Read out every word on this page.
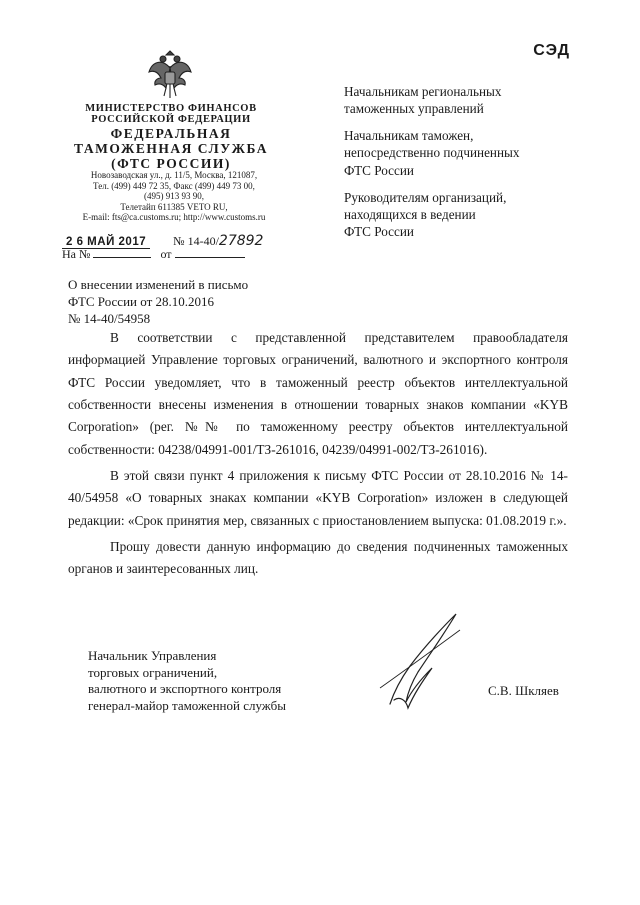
СЭД
МИНИСТЕРСТВО ФИНАНСОВ
РОССИЙСКОЙ ФЕДЕРАЦИИ
ФЕДЕРАЛЬНАЯ
ТАМОЖЕННАЯ СЛУЖБА
(ФТС РОССИИ)
Новозаводская ул., д. 11/5, Москва, 121087,
Тел. (499) 449 72 35, Факс (499) 449 73 00,
(495) 913 93 90,
Телетайп 611385 VETO RU,
E-mail: fts@ca.customs.ru; http://www.customs.ru
2 6 МАЙ 2017 № 14-40/27892
На №	от

Начальникам региональных
таможенных управлений

Начальникам таможен,
непосредственно подчиненных
ФТС России

Руководителям организаций,
находящихся в ведении
ФТС России

О внесении изменений в письмо
ФТС России от 28.10.2016
№ 14-40/54958

В соответствии с представленной представителем правообладателя информацией Управление торговых ограничений, валютного и экспортного контроля ФТС России уведомляет, что в таможенный реестр объектов интеллектуальной собственности внесены изменения в отношении товарных знаков компании «KYB Corporation» (рег. №№ по таможенному реестру объектов интеллектуальной собственности: 04238/04991-001/ТЗ-261016, 04239/04991-002/ТЗ-261016).

В этой связи пункт 4 приложения к письму ФТС России от 28.10.2016 № 14-40/54958 «О товарных знаках компании «KYB Corporation» изложен в следующей редакции: «Срок принятия мер, связанных с приостановлением выпуска: 01.08.2019 г.».

Прошу довести данную информацию до сведения подчиненных таможенных органов и заинтересованных лиц.

Начальник Управления
торговых ограничений,
валютного и экспортного контроля
генерал-майор таможенной службы
С.В. Шкляев
